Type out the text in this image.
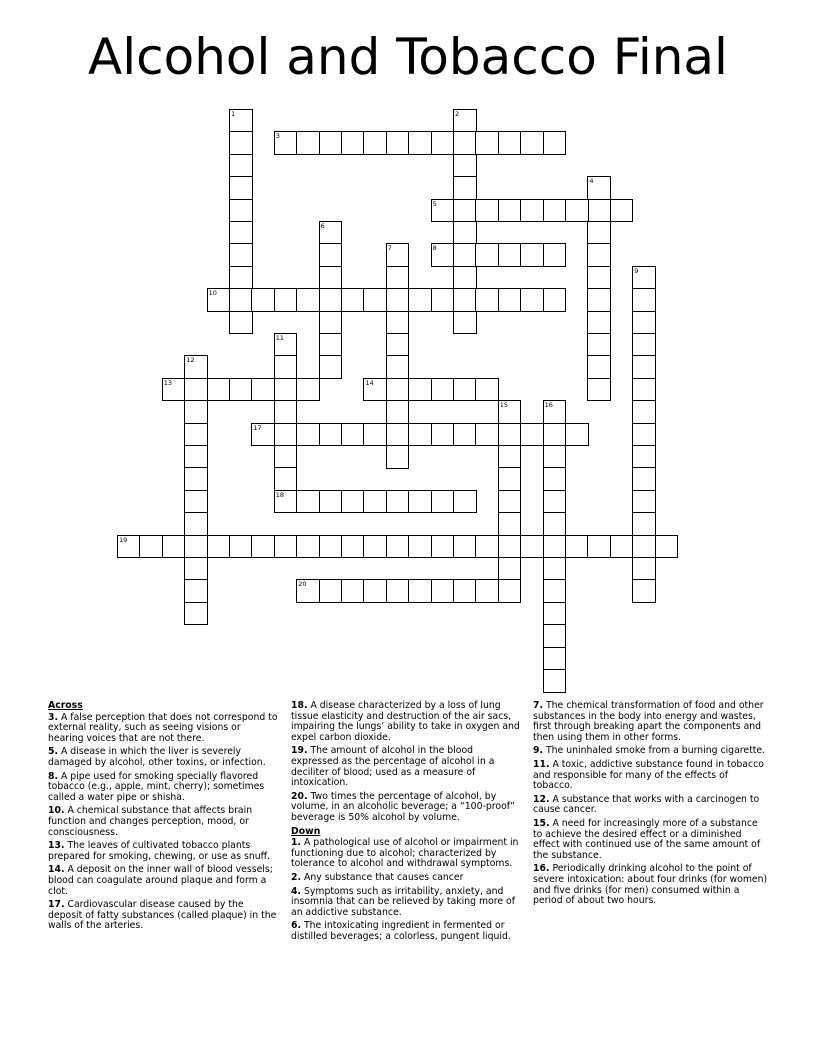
Alcohol and Tobacco Final
1	2
3
4
5
6
7	8
9
10
11
12
13	14
15	16
17
18
19
20
Across
3. A false perception that does not correspond to external reality, such as seeing visions or hearing voices that are not there.
5. A disease in which the liver is severely damaged by alcohol, other toxins, or infection.
8. A pipe used for smoking specially flavored tobacco (e.g., apple, mint, cherry); sometimes called a water pipe or shisha.
10. A chemical substance that affects brain function and changes perception, mood, or consciousness.
13. The leaves of cultivated tobacco plants prepared for smoking, chewing, or use as snuff.
14. A deposit on the inner wall of blood vessels; blood can coagulate around plaque and form a clot.
17. Cardiovascular disease caused by the deposit of fatty substances (called plaque) in the walls of the arteries.
18. A disease characterized by a loss of lung tissue elasticity and destruction of the air sacs, impairing the lungs’ ability to take in oxygen and expel carbon dioxide.
19. The amount of alcohol in the blood expressed as the percentage of alcohol in a deciliter of blood; used as a measure of intoxication.
20. Two times the percentage of alcohol, by volume, in an alcoholic beverage; a “100-proof” beverage is 50% alcohol by volume.
Down
1. A pathological use of alcohol or impairment in functioning due to alcohol; characterized by tolerance to alcohol and withdrawal symptoms.
2. Any substance that causes cancer
4. Symptoms such as irritability, anxiety, and insomnia that can be relieved by taking more of an addictive substance.
6. The intoxicating ingredient in fermented or distilled beverages; a colorless, pungent liquid.
7. The chemical transformation of food and other substances in the body into energy and wastes, first through breaking apart the components and then using them in other forms.
9. The uninhaled smoke from a burning cigarette.
11. A toxic, addictive substance found in tobacco and responsible for many of the effects of tobacco.
12. A substance that works with a carcinogen to cause cancer.
15. A need for increasingly more of a substance to achieve the desired effect or a diminished effect with continued use of the same amount of the substance.
16. Periodically drinking alcohol to the point of severe intoxication: about four drinks (for women) and five drinks (for men) consumed within a period of about two hours.
